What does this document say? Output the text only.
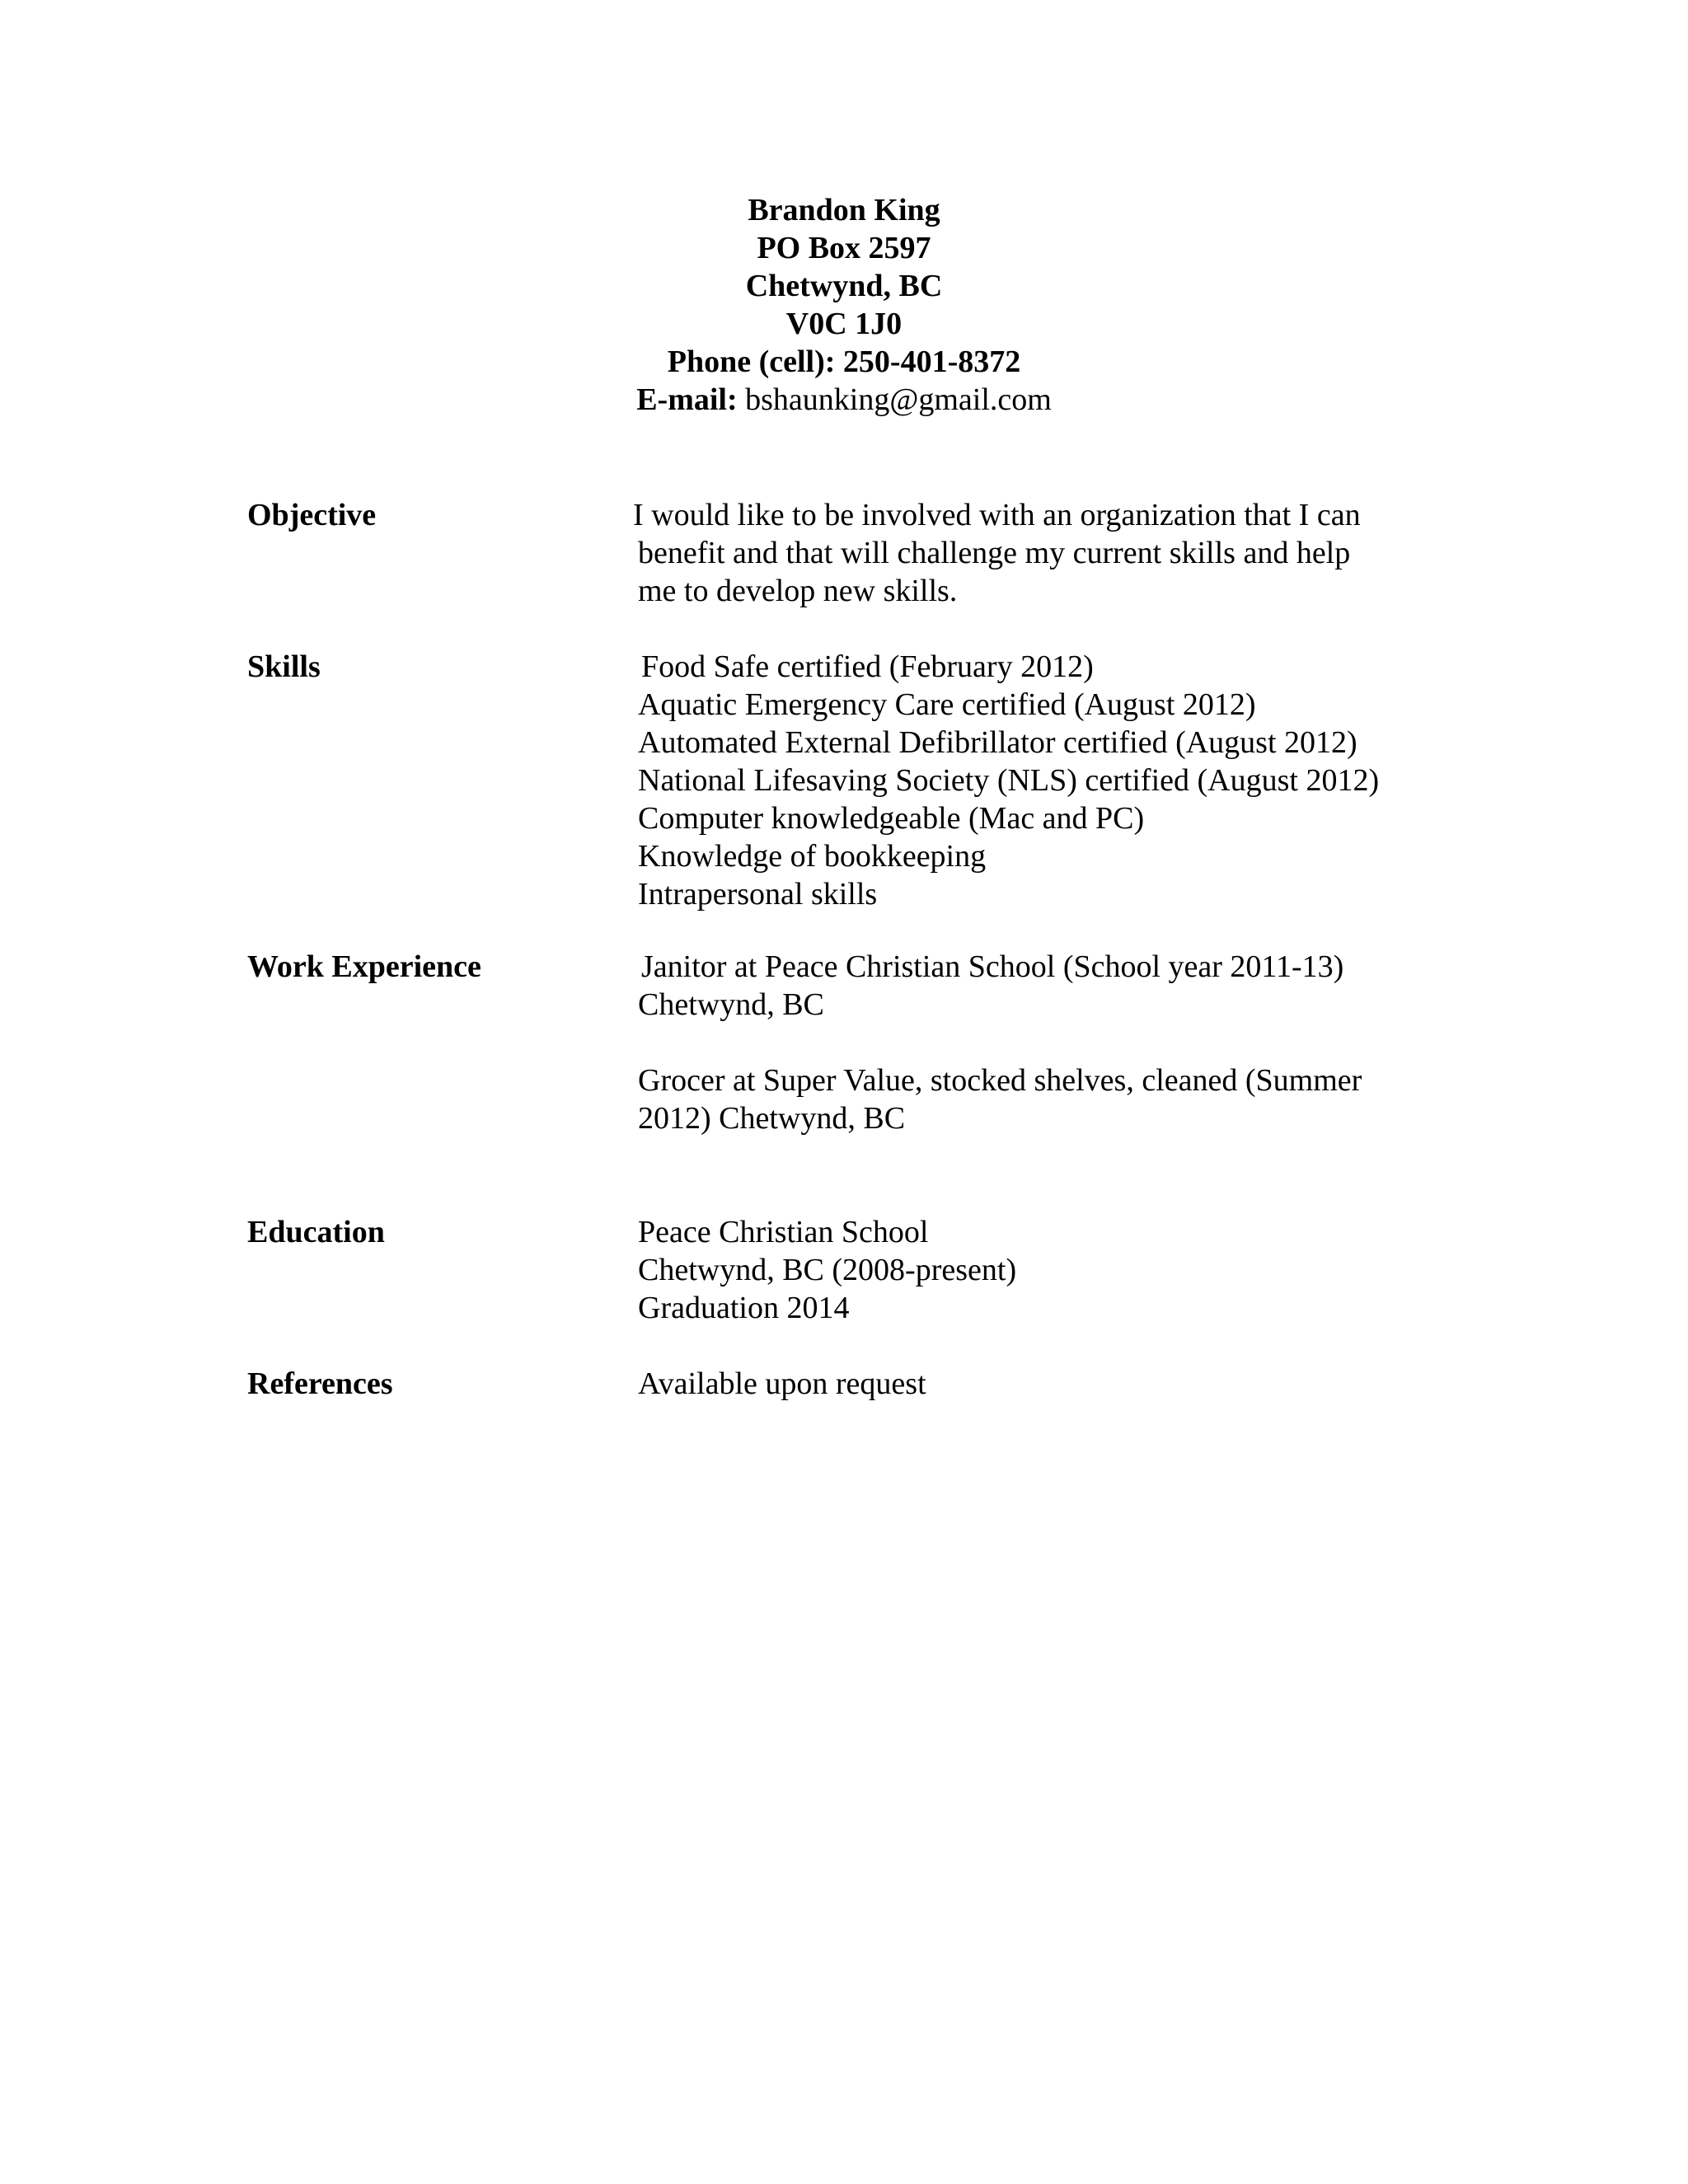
Brandon King
PO Box 2597
Chetwynd, BC
V0C 1J0
Phone (cell): 250-401-8372
E-mail: bshaunking@gmail.com
Objective	I would like to be involved with an organization that I can
benefit and that will challenge my current skills and help
me to develop new skills.
Skills	Food Safe certified (February 2012)
Aquatic Emergency Care certified (August 2012)
Automated External Defibrillator certified (August 2012)
National Lifesaving Society (NLS) certified (August 2012)
Computer knowledgeable (Mac and PC)
Knowledge of bookkeeping
Intrapersonal skills
Work Experience	Janitor at Peace Christian School (School year 2011-13)
Chetwynd, BC
Grocer at Super Value, stocked shelves, cleaned (Summer
2012) Chetwynd, BC
Education	Peace Christian School
Chetwynd, BC (2008-present)
Graduation 2014
References	Available upon request
